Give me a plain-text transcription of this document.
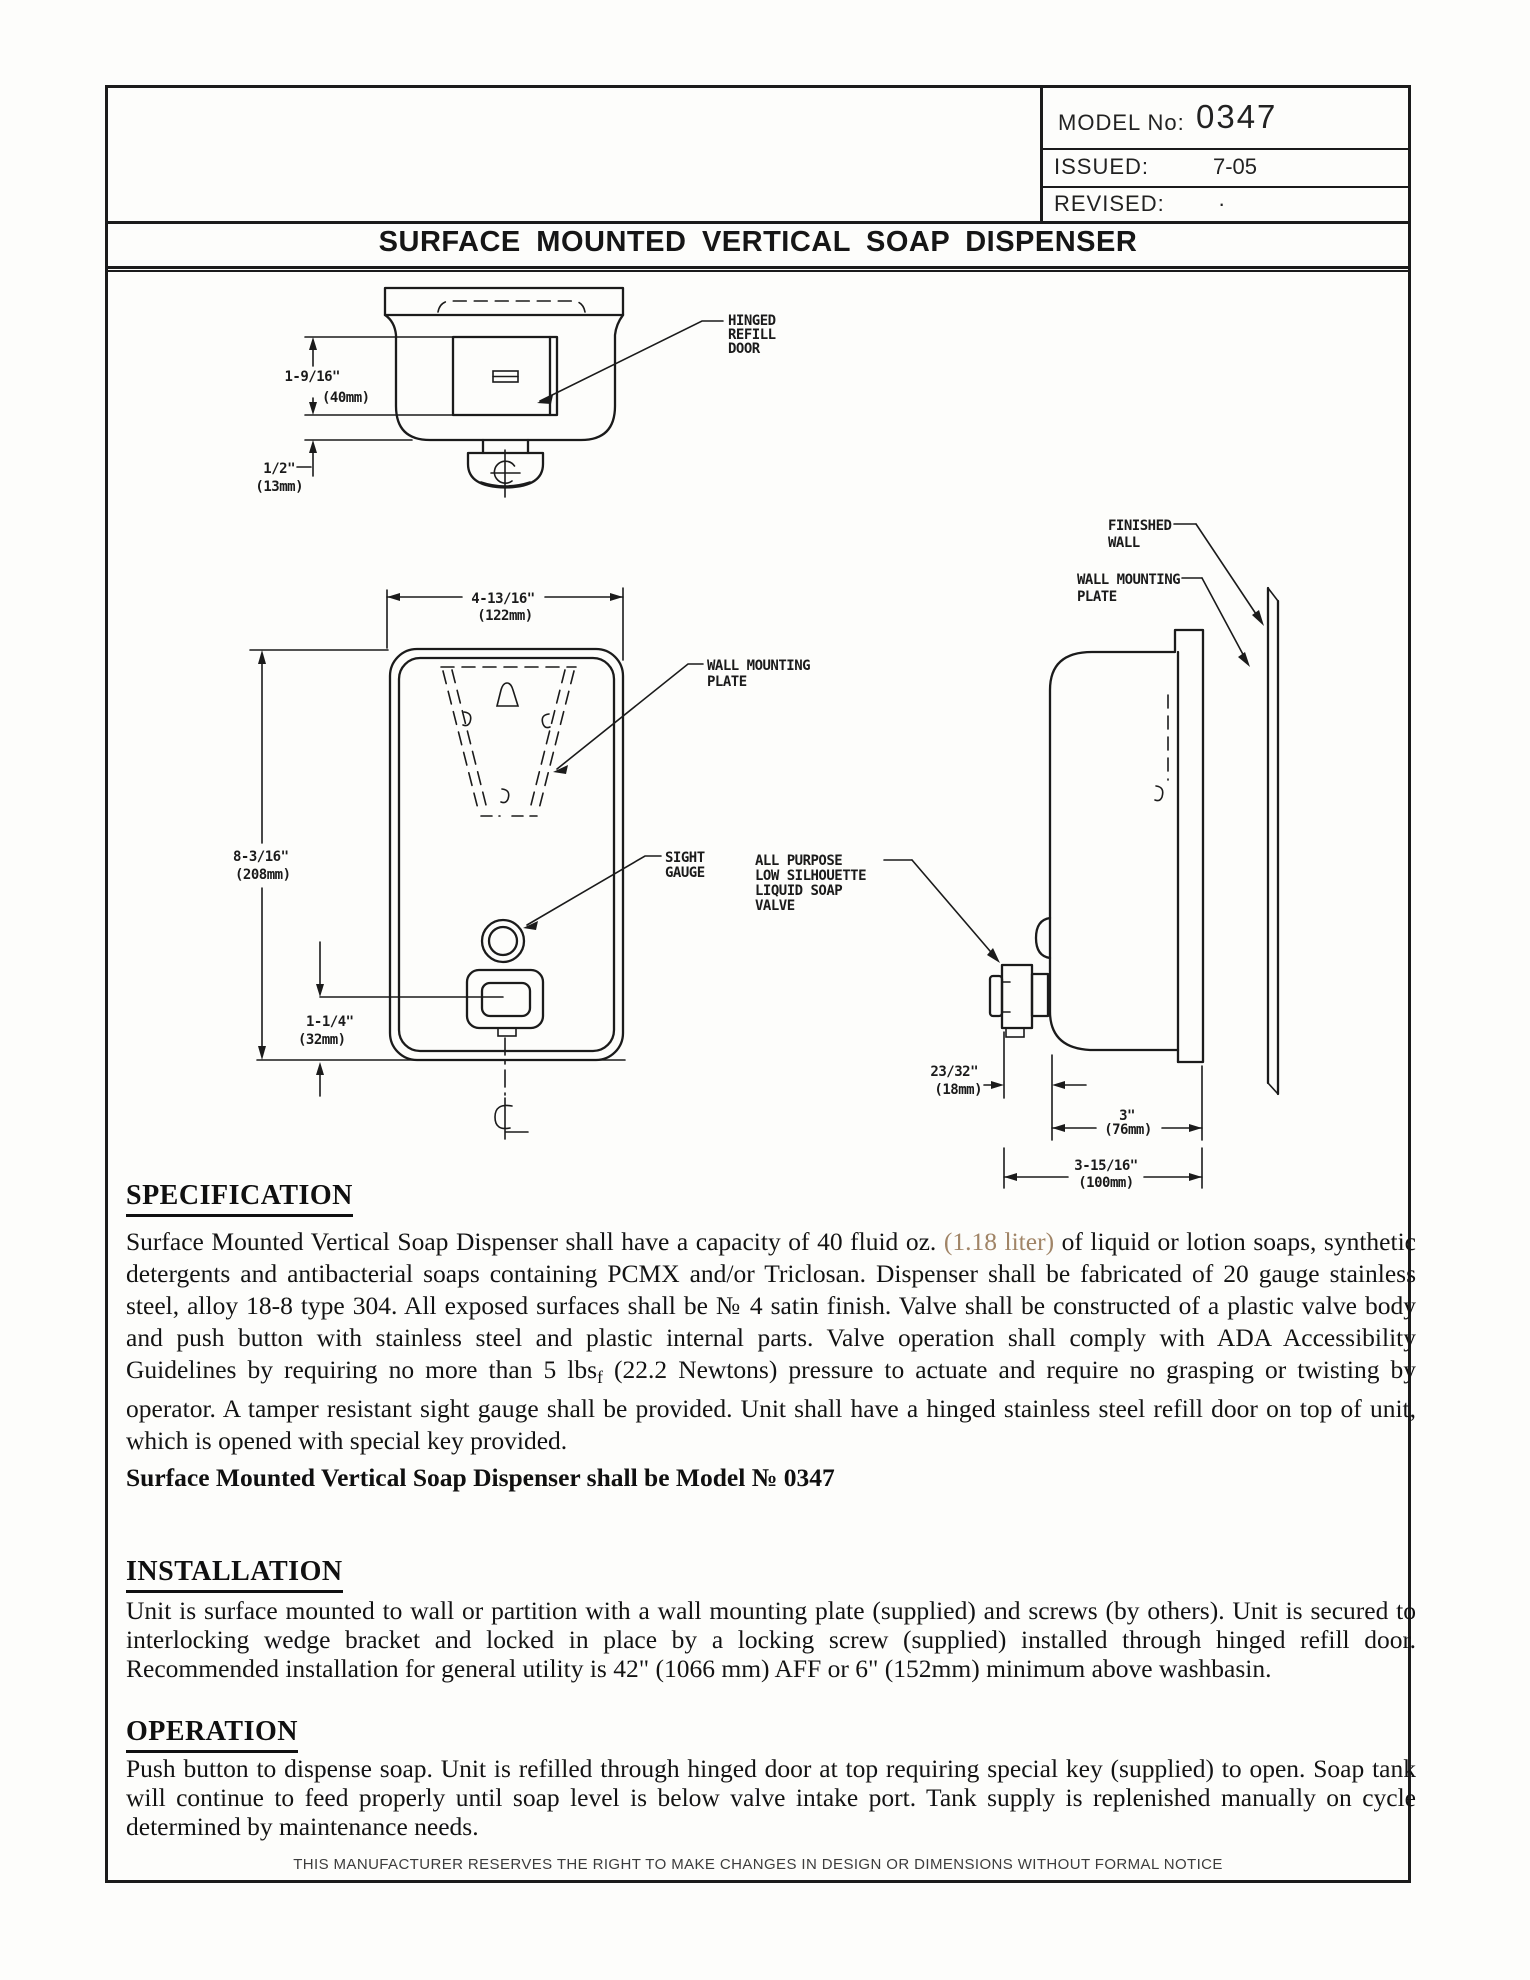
MODEL No: 0347
ISSUED:	7-05
REVISED: ·
SURFACE MOUNTED VERTICAL SOAP DISPENSER
SPECIFICATION
Surface Mounted Vertical Soap Dispenser shall have a capacity of 40 fluid oz. (1.18 liter) of liquid or lotion soaps, synthetic detergents and antibacterial soaps containing PCMX and/or Triclosan. Dispenser shall be fabricated of 20 gauge stainless steel, alloy 18-8 type 304. All exposed surfaces shall be № 4 satin finish. Valve shall be constructed of a plastic valve body and push button with stainless steel and plastic internal parts. Valve operation shall comply with ADA Accessibility Guidelines by requiring no more than 5 lbs$_f$ (22.2 Newtons) pressure to actuate and require no grasping or twisting by operator. A tamper resistant sight gauge shall be provided. Unit shall have a hinged stainless steel refill door on top of unit, which is opened with special key provided.
Surface Mounted Vertical Soap Dispenser shall be Model № 0347
INSTALLATION
Unit is surface mounted to wall or partition with a wall mounting plate (supplied) and screws (by others). Unit is secured to interlocking wedge bracket and locked in place by a locking screw (supplied) installed through hinged refill door. Recommended installation for general utility is 42" (1066 mm) AFF or 6" (152mm) minimum above washbasin.
OPERATION
Push button to dispense soap. Unit is refilled through hinged door at top requiring special key (supplied) to open. Soap tank will continue to feed properly until soap level is below valve intake port. Tank supply is replenished manually on cycle determined by maintenance needs.
THIS MANUFACTURER RESERVES THE RIGHT TO MAKE CHANGES IN DESIGN OR DIMENSIONS WITHOUT FORMAL NOTICE
1-9/16"
(40mm)
1/2"
(13mm)
HINGED
REFILL
DOOR
4-13/16"
(122mm)
WALL MOUNTING
PLATE
SIGHT
GAUGE
8-3/16"
(208mm)
1-1/4"
(32mm)
FINISHED
WALL
WALL MOUNTING
PLATE
ALL PURPOSE
LOW SILHOUETTE
LIQUID SOAP
VALVE
23/32"
(18mm)
3"
(76mm)
3-15/16"
(100mm)
